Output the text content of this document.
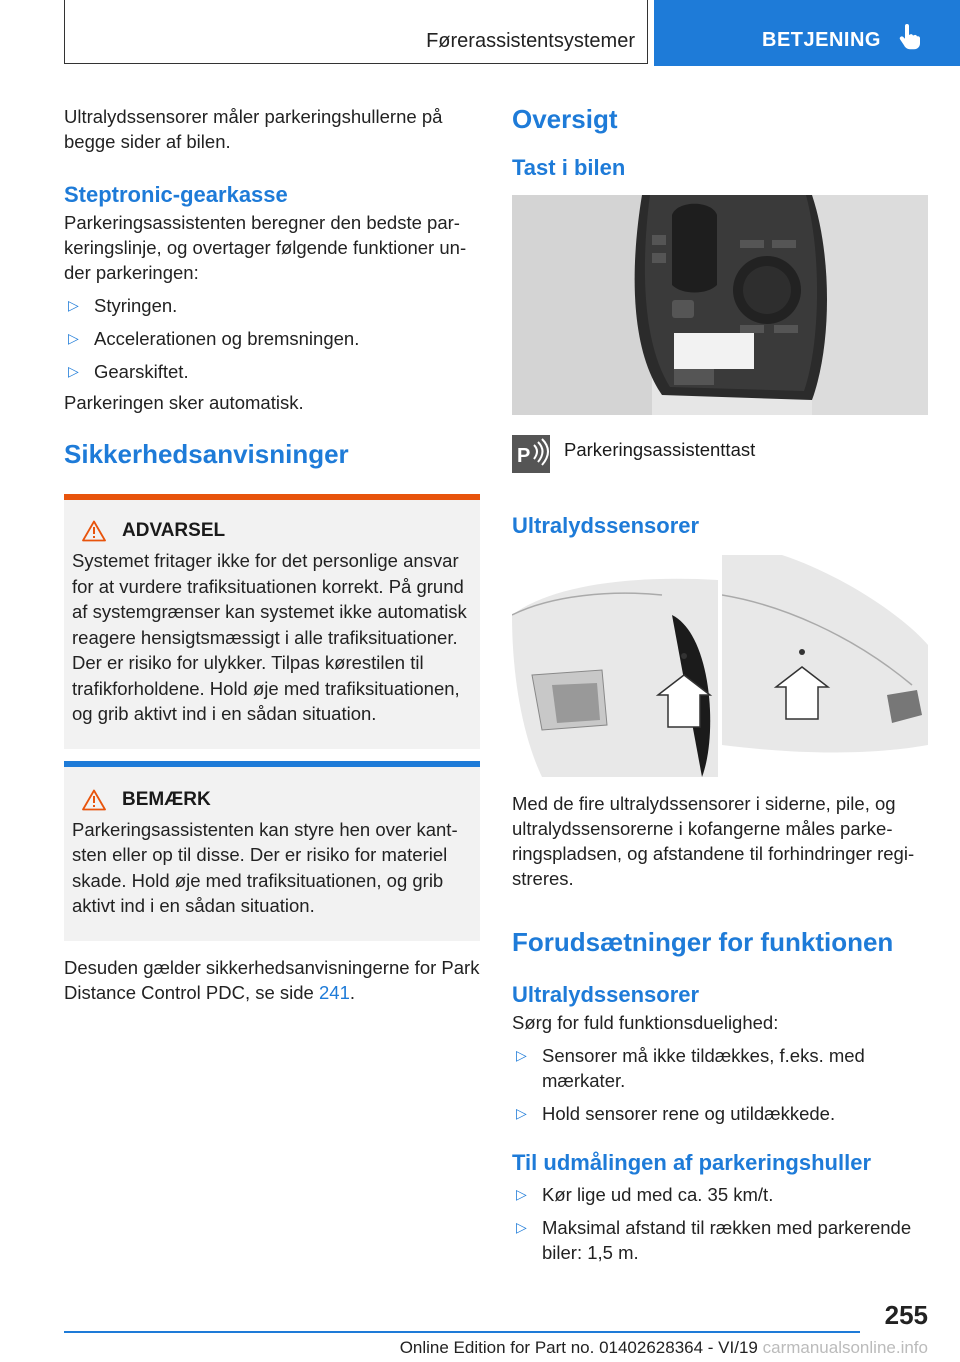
Førerassistentsystemer	BETJENING

Ultralydssensorer måler parkeringshullerne på begge sider af bilen.

Steptronic-gearkasse

Parkeringsassistenten beregner den bedste parkeringslinje, og overtager følgende funktioner under parkeringen:

▷ Styringen.
▷ Accelerationen og bremsningen.
▷ Gearskiftet.

Parkeringen sker automatisk.

Sikkerhedsanvisninger
ADVARSEL
Systemet fritager ikke for det personlige ansvar for at vurdere trafiksituationen korrekt. På grund af systemgrænser kan systemet ikke automatisk reagere hensigtsmæssigt i alle trafiksituationer. Der er risiko for ulykker. Tilpas kørestilen til trafikforholdene. Hold øje med trafiksituationen, og grib aktivt ind i en sådan situation.
BEMÆRK
Parkeringsassistenten kan styre hen over kantsten eller op til disse. Der er risiko for materiel skade. Hold øje med trafiksituationen, og grib aktivt ind i en sådan situation.

Desuden gælder sikkerhedsanvisningerne for Park Distance Control PDC, se side 241.

Oversigt
Tast i bilen
P Parkeringsassistenttast
Ultralydssensorer

Med de fire ultralydssensorer i siderne, pile, og ultralydssensorerne i kofangerne måles parkeringspladsen, og afstandene til forhindringer registreres.

Forudsætninger for funktionen
Ultralydssensorer

Sørg for fuld funktionsduelighed:

▷ Sensorer må ikke tildækkes, f.eks. med mærkater.
▷ Hold sensorer rene og utildækkede.
Til udmålingen af parkeringshuller
▷ Kør lige ud med ca. 35 km/t.
▷ Maksimal afstand til rækken med parkerende biler: 1,5 m.
255
Online Edition for Part no. 01402628364 - VI/19 carmanualsonline.info
